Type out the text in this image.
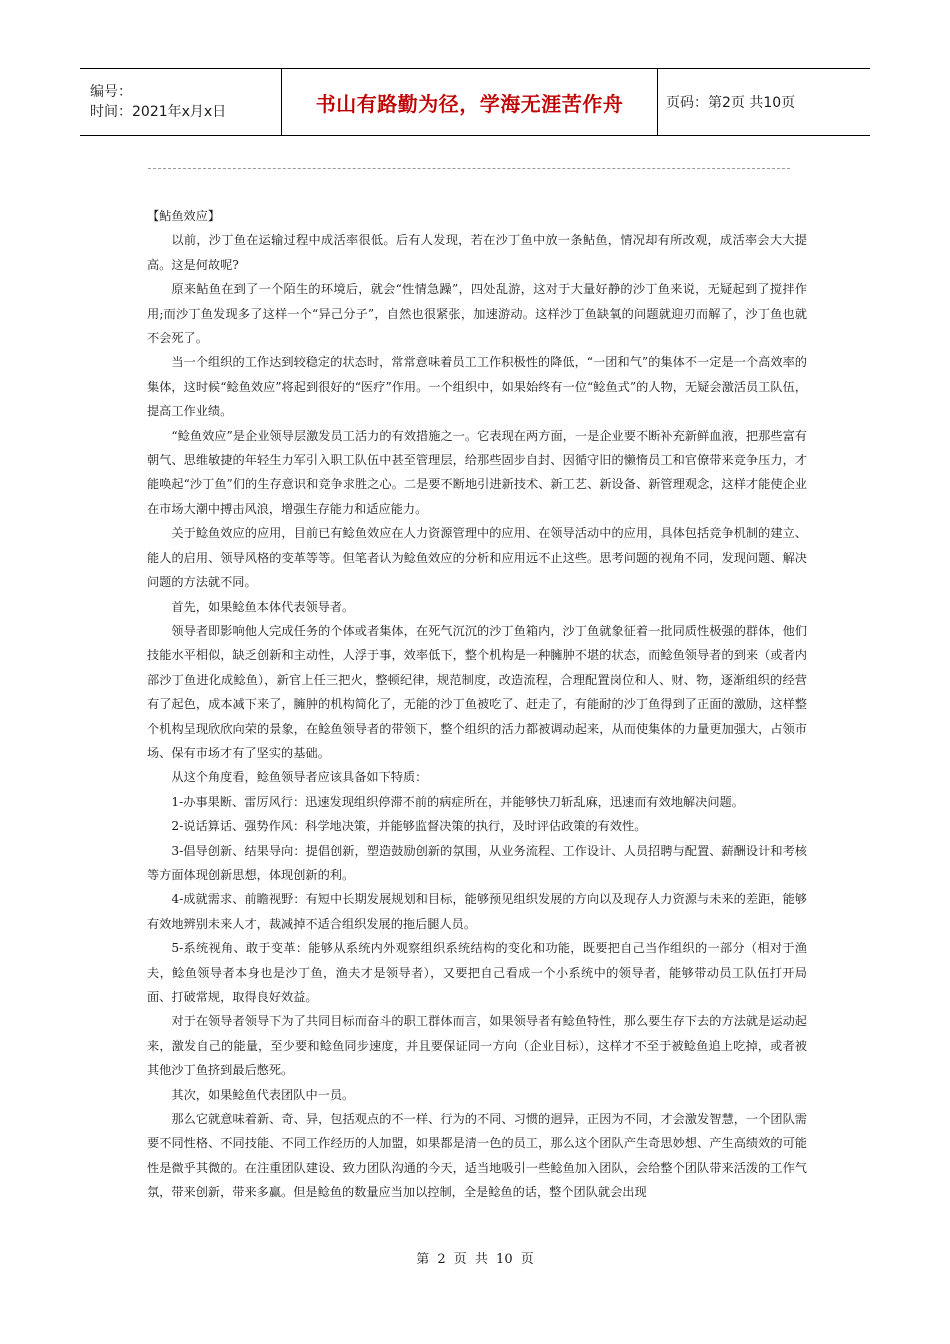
编号：
时间：2021年x月x日	书山有路勤为径，学海无涯苦作舟	页码：第2页 共10页

【鲇鱼效应】

以前，沙丁鱼在运输过程中成活率很低。后有人发现，若在沙丁鱼中放一条鲇鱼，情况却有所改观，成活率会大大提高。这是何故呢?

原来鲇鱼在到了一个陌生的环境后，就会“性情急躁”，四处乱游，这对于大量好静的沙丁鱼来说，无疑起到了搅拌作用;而沙丁鱼发现多了这样一个“异己分子”，自然也很紧张，加速游动。这样沙丁鱼缺氧的问题就迎刃而解了，沙丁鱼也就不会死了。

当一个组织的工作达到较稳定的状态时，常常意味着员工工作积极性的降低，“一团和气”的集体不一定是一个高效率的集体，这时候“鲶鱼效应”将起到很好的“医疗”作用。一个组织中，如果始终有一位“鲶鱼式”的人物，无疑会激活员工队伍，提高工作业绩。

“鲶鱼效应”是企业领导层激发员工活力的有效措施之一。它表现在两方面，一是企业要不断补充新鲜血液，把那些富有朝气、思维敏捷的年轻生力军引入职工队伍中甚至管理层，给那些固步自封、因循守旧的懒惰员工和官僚带来竞争压力，才能唤起“沙丁鱼”们的生存意识和竞争求胜之心。二是要不断地引进新技术、新工艺、新设备、新管理观念，这样才能使企业在市场大潮中搏击风浪，增强生存能力和适应能力。

关于鲶鱼效应的应用，目前已有鲶鱼效应在人力资源管理中的应用、在领导活动中的应用，具体包括竞争机制的建立、能人的启用、领导风格的变革等等。但笔者认为鲶鱼效应的分析和应用远不止这些。思考问题的视角不同，发现问题、解决问题的方法就不同。

首先，如果鲶鱼本体代表领导者。

领导者即影响他人完成任务的个体或者集体，在死气沉沉的沙丁鱼箱内，沙丁鱼就象征着一批同质性极强的群体，他们技能水平相似，缺乏创新和主动性，人浮于事，效率低下，整个机构是一种臃肿不堪的状态，而鲶鱼领导者的到来（或者内部沙丁鱼进化成鲶鱼），新官上任三把火，整顿纪律，规范制度，改造流程，合理配置岗位和人、财、物，逐渐组织的经营有了起色，成本减下来了，臃肿的机构简化了，无能的沙丁鱼被吃了、赶走了，有能耐的沙丁鱼得到了正面的激励，这样整个机构呈现欣欣向荣的景象，在鲶鱼领导者的带领下，整个组织的活力都被调动起来，从而使集体的力量更加强大，占领市场、保有市场才有了坚实的基础。

从这个角度看，鲶鱼领导者应该具备如下特质：

1-办事果断、雷厉风行：迅速发现组织停滞不前的病症所在，并能够快刀斩乱麻，迅速而有效地解决问题。

2-说话算话、强势作风：科学地决策，并能够监督决策的执行，及时评估政策的有效性。

3-倡导创新、结果导向：提倡创新，塑造鼓励创新的氛围，从业务流程、工作设计、人员招聘与配置、薪酬设计和考核等方面体现创新思想，体现创新的利。

4-成就需求、前瞻视野：有短中长期发展规划和目标，能够预见组织发展的方向以及现存人力资源与未来的差距，能够有效地辨别未来人才，裁减掉不适合组织发展的拖后腿人员。

5-系统视角、敢于变革：能够从系统内外观察组织系统结构的变化和功能，既要把自己当作组织的一部分（相对于渔夫，鲶鱼领导者本身也是沙丁鱼，渔夫才是领导者），又要把自己看成一个小系统中的领导者，能够带动员工队伍打开局面、打破常规，取得良好效益。

对于在领导者领导下为了共同目标而奋斗的职工群体而言，如果领导者有鲶鱼特性，那么要生存下去的方法就是运动起来，激发自己的能量，至少要和鲶鱼同步速度，并且要保证同一方向（企业目标），这样才不至于被鲶鱼追上吃掉，或者被其他沙丁鱼挤到最后憋死。

其次，如果鲶鱼代表团队中一员。

那么它就意味着新、奇、异，包括观点的不一样、行为的不同、习惯的迥异，正因为不同，才会激发智慧，一个团队需要不同性格、不同技能、不同工作经历的人加盟，如果都是清一色的员工，那么这个团队产生奇思妙想、产生高绩效的可能性是微乎其微的。在注重团队建设、致力团队沟通的今天，适当地吸引一些鲶鱼加入团队，会给整个团队带来活泼的工作气氛，带来创新，带来多赢。但是鲶鱼的数量应当加以控制，全是鲶鱼的话，整个团队就会出现

第 2 页 共 10 页
